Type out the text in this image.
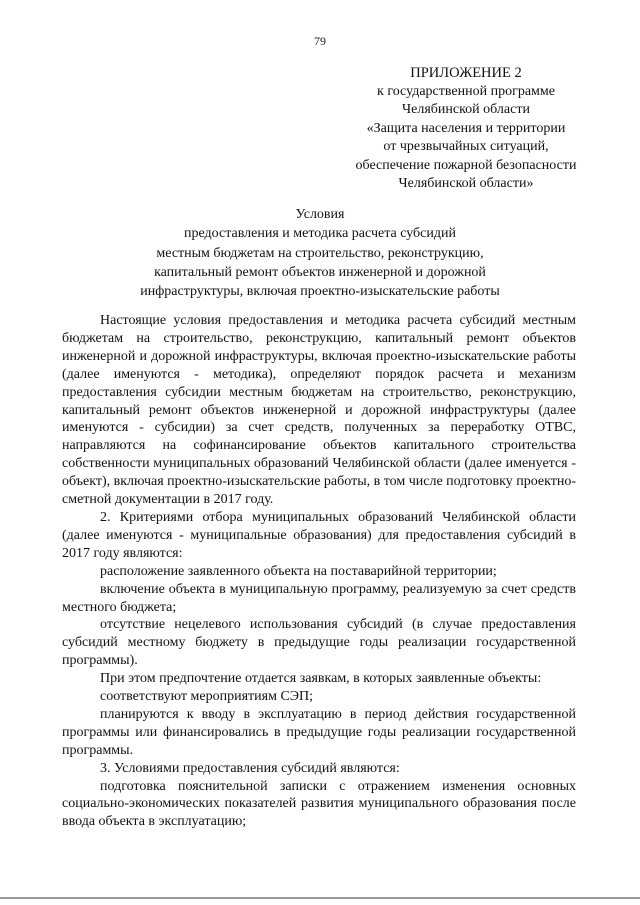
79
ПРИЛОЖЕНИЕ 2
к государственной программе
Челябинской области
«Защита населения и территории
от чрезвычайных ситуаций,
обеспечение пожарной безопасности
Челябинской области»
Условия
предоставления и методика расчета субсидий
местным бюджетам на строительство, реконструкцию,
капитальный ремонт объектов инженерной и дорожной
инфраструктуры, включая проектно-изыскательские работы

Настоящие условия предоставления и методика расчета субсидий местным бюджетам на строительство, реконструкцию, капитальный ремонт объектов инженерной и дорожной инфраструктуры, включая проектно-изыскательские работы (далее именуются - методика), определяют порядок расчета и механизм предоставления субсидии местным бюджетам на строительство, реконструкцию, капитальный ремонт объектов инженерной и дорожной инфраструктуры (далее именуются - субсидии) за счет средств, полученных за переработку ОТВС, направляются на софинансирование объектов капитального строительства собственности муниципальных образований Челябинской области (далее именуется - объект), включая проектно-изыскательские работы, в том числе подготовку проектно-сметной документации в 2017 году.

2. Критериями отбора муниципальных образований Челябинской области (далее именуются - муниципальные образования) для предоставления субсидий в 2017 году являются:

расположение заявленного объекта на поставарийной территории;

включение объекта в муниципальную программу, реализуемую за счет средств местного бюджета;

отсутствие нецелевого использования субсидий (в случае предоставления субсидий местному бюджету в предыдущие годы реализации государственной программы).

При этом предпочтение отдается заявкам, в которых заявленные объекты:

соответствуют мероприятиям СЭП;

планируются к вводу в эксплуатацию в период действия государственной программы или финансировались в предыдущие годы реализации государственной программы.

3. Условиями предоставления субсидий являются:

подготовка пояснительной записки с отражением изменения основных социально-экономических показателей развития муниципального образования после ввода объекта в эксплуатацию;
